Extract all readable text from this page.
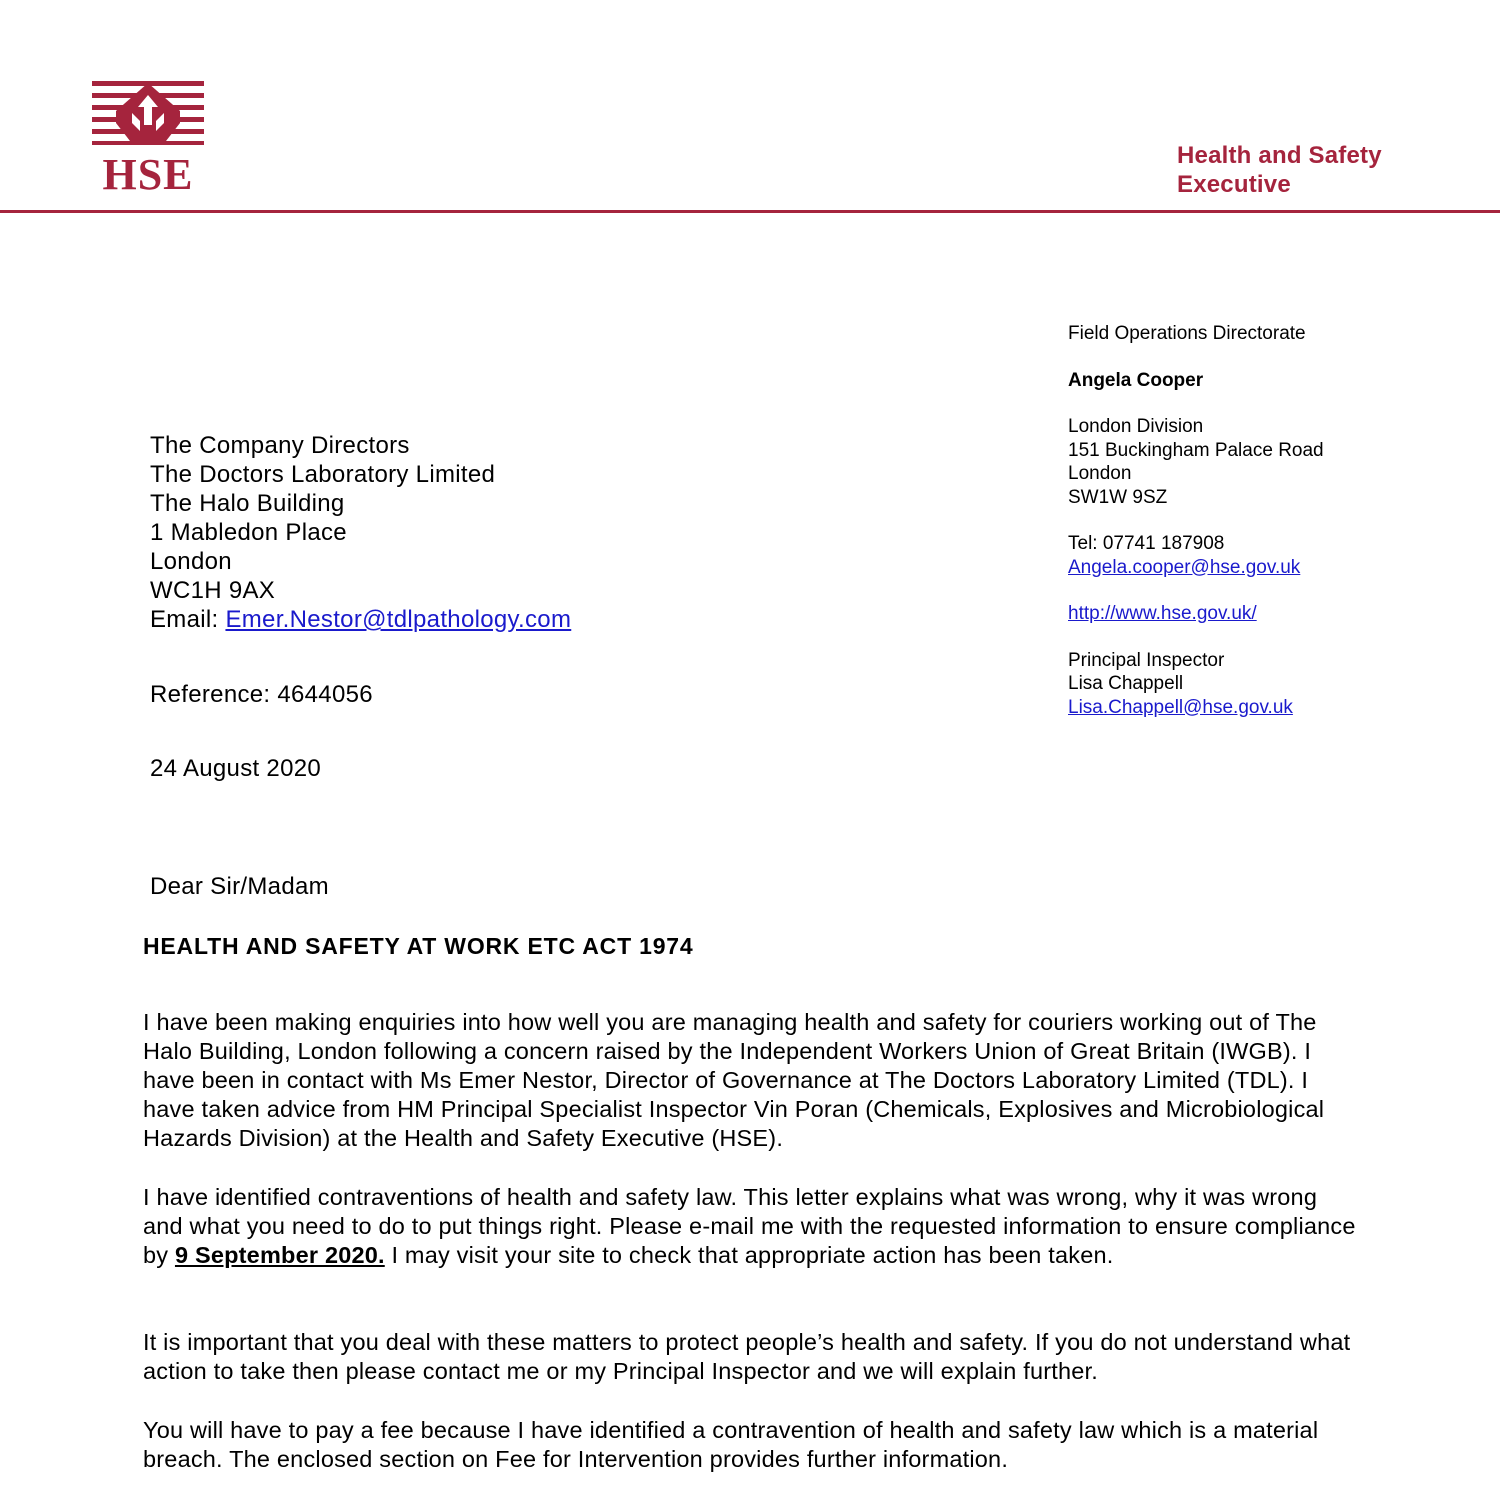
HSE	Health and Safety
Executive
Field Operations Directorate
Angela Cooper
London Division
151 Buckingham Palace Road
London
SW1W 9SZ
Tel: 07741 187908
Angela.cooper@hse.gov.uk
http://www.hse.gov.uk/
Principal Inspector
Lisa Chappell
Lisa.Chappell@hse.gov.uk
The Company Directors
The Doctors Laboratory Limited
The Halo Building
1 Mabledon Place
London
WC1H 9AX
Email: Emer.Nestor@tdlpathology.com
Reference: 4644056
24 August 2020
Dear Sir/Madam
HEALTH AND SAFETY AT WORK ETC ACT 1974
I have been making enquiries into how well you are managing health and safety for couriers working out of The Halo Building, London following a concern raised by the Independent Workers Union of Great Britain (IWGB). I have been in contact with Ms Emer Nestor, Director of Governance at The Doctors Laboratory Limited (TDL). I have taken advice from HM Principal Specialist Inspector Vin Poran (Chemicals, Explosives and Microbiological Hazards Division) at the Health and Safety Executive (HSE).
I have identified contraventions of health and safety law. This letter explains what was wrong, why it was wrong and what you need to do to put things right. Please e-mail me with the requested information to ensure compliance by 9 September 2020. I may visit your site to check that appropriate action has been taken.
It is important that you deal with these matters to protect people’s health and safety. If you do not understand what action to take then please contact me or my Principal Inspector and we will explain further.
You will have to pay a fee because I have identified a contravention of health and safety law which is a material breach. The enclosed section on Fee for Intervention provides further information.
